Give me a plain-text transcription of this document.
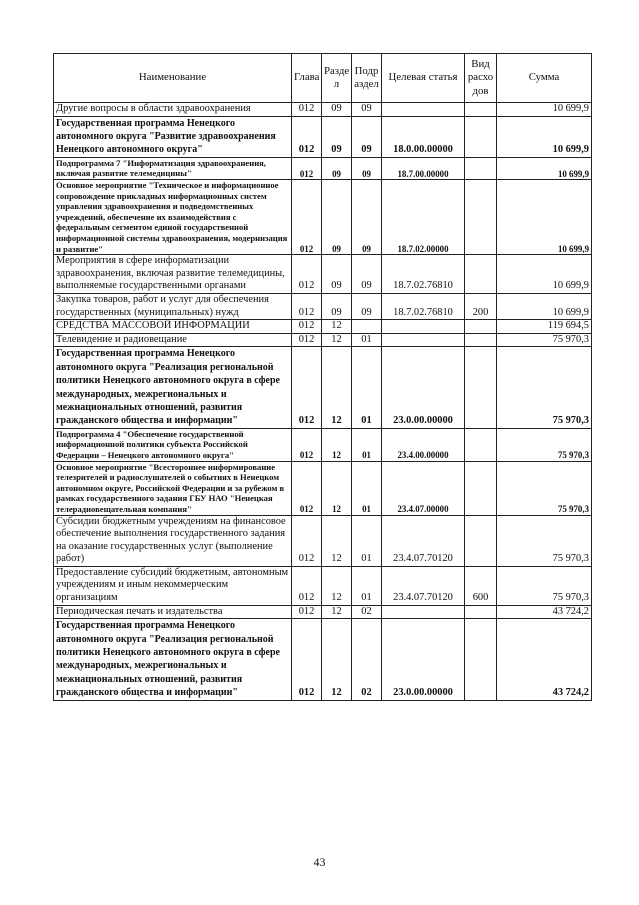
Наименование	Глава	Разде л	Подр аздел	Целевая статья	Вид расхо дов	Сумма
Другие вопросы в области здравоохранения	012	09	09			10 699,9
Государственная программа Ненецкого автономного округа "Развитие здравоохранения Ненецкого автономного округа"	012	09	09	18.0.00.00000		10 699,9
Подпрограмма 7 "Информатизация здравоохранения, включая развитие телемедицины"	012	09	09	18.7.00.00000		10 699,9
Основное мероприятие "Техническое и информационное сопровождение прикладных информационных систем управления здравоохранения и подведомственных учреждений, обеспечение их взаимодействия с федеральным сегментом единой государственной информационной системы здравоохранения, модернизация и развитие"	012	09	09	18.7.02.00000		10 699,9
Мероприятия в сфере информатизации здравоохранения, включая развитие телемедицины, выполняемые государственными органами	012	09	09	18.7.02.76810		10 699,9
Закупка товаров, работ и услуг для обеспечения государственных (муниципальных) нужд	012	09	09	18.7.02.76810	200	10 699,9
СРЕДСТВА МАССОВОЙ ИНФОРМАЦИИ	012	12				119 694,5
Телевидение и радиовещание	012	12	01			75 970,3
Государственная программа Ненецкого автономного округа "Реализация региональной политики Ненецкого автономного округа в сфере международных, межрегиональных и межнациональных отношений, развития гражданского общества и информации"	012	12	01	23.0.00.00000		75 970,3
Подпрограмма 4 "Обеспечение государственной информационной политики субъекта Российской Федерации – Ненецкого автономного округа"	012	12	01	23.4.00.00000		75 970,3
Основное мероприятие "Всестороннее информирование телезрителей и радиослушателей о событиях в Ненецком автономном округе, Российской Федерации и за рубежом в рамках государственного задания ГБУ НАО "Ненецкая телерадиовещательная компания"	012	12	01	23.4.07.00000		75 970,3
Субсидии бюджетным учреждениям на финансовое обеспечение выполнения государственного задания на оказание государственных услуг (выполнение работ)	012	12	01	23.4.07.70120		75 970,3
Предоставление субсидий бюджетным, автономным учреждениям и иным некоммерческим организациям	012	12	01	23.4.07.70120	600	75 970,3
Периодическая печать и издательства	012	12	02			43 724,2
Государственная программа Ненецкого автономного округа "Реализация региональной политики Ненецкого автономного округа в сфере международных, межрегиональных и межнациональных отношений, развития гражданского общества и информации"	012	12	02	23.0.00.00000		43 724,2
43
